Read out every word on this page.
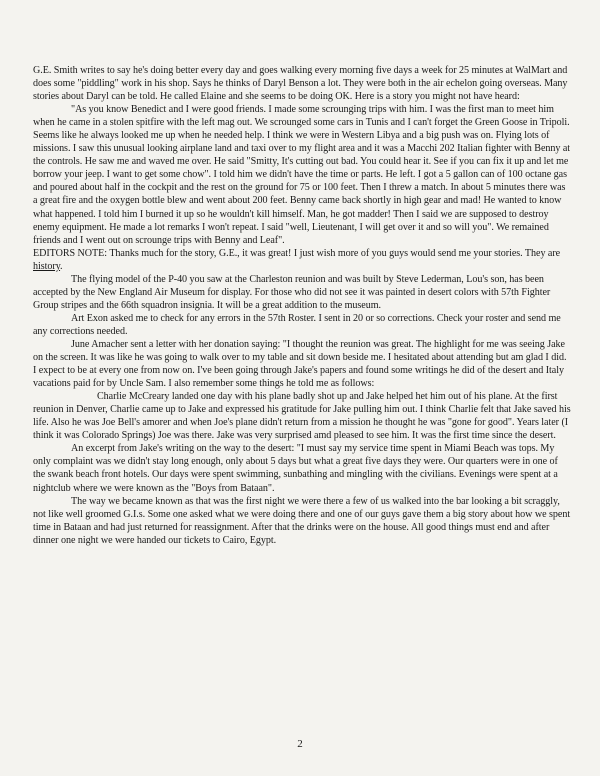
G.E. Smith writes to say he's doing better every day and goes walking every morning five days a week for 25 minutes at WalMart and does some "piddling" work in his shop. Says he thinks of Daryl Benson a lot. They were both in the air echelon going overseas. Many stories about Daryl can be told. He called Elaine and she seems to be doing OK. Here is a story you might not have heard:

"As you know Benedict and I were good friends. I made some scrounging trips with him. I was the first man to meet him when he came in a stolen spitfire with the left mag out. We scrounged some cars in Tunis and I can't forget the Green Goose in Tripoli. Seems like he always looked me up when he needed help. I think we were in Western Libya and a big push was on. Flying lots of missions. I saw this unusual looking airplane land and taxi over to my flight area and it was a Macchi 202 Italian fighter with Benny at the controls. He saw me and waved me over. He said "Smitty, It's cutting out bad. You could hear it. See if you can fix it up and let me borrow your jeep. I want to get some chow". I told him we didn't have the time or parts. He left. I got a 5 gallon can of 100 octane gas and poured about half in the cockpit and the rest on the ground for 75 or 100 feet. Then I threw a match. In about 5 minutes there was a great fire and the oxygen bottle blew and went about 200 feet. Benny came back shortly in high gear and mad! He wanted to know what happened. I told him I burned it up so he wouldn't kill himself. Man, he got madder! Then I said we are supposed to destroy enemy equipment. He made a lot remarks I won't repeat. I said "well, Lieutenant, I will get over it and so will you". We remained friends and I went out on scrounge trips with Benny and Leaf".

EDITORS NOTE: Thanks much for the story, G.E., it was great! I just wish more of you guys would send me your stories. They are history.

The flying model of the P-40 you saw at the Charleston reunion and was built by Steve Lederman, Lou's son, has been accepted by the New England Air Museum for display. For those who did not see it was painted in desert colors with 57th Fighter Group stripes and the 66th squadron insignia. It will be a great addition to the museum.

Art Exon asked me to check for any errors in the 57th Roster. I sent in 20 or so corrections. Check your roster and send me any corrections needed.

June Amacher sent a letter with her donation saying: "I thought the reunion was great. The highlight for me was seeing Jake on the screen. It was like he was going to walk over to my table and sit down beside me. I hesitated about attending but am glad I did. I expect to be at every one from now on. I've been going through Jake's papers and found some writings he did of the desert and Italy vacations paid for by Uncle Sam. I also remember some things he told me as follows:

Charlie McCreary landed one day with his plane badly shot up and Jake helped het him out of his plane. At the first reunion in Denver, Charlie came up to Jake and expressed his gratitude for Jake pulling him out. I think Charlie felt that Jake saved his life. Also he was Joe Bell's amorer and when Joe's plane didn't return from a mission he thought he was "gone for good". Years later (I think it was Colorado Springs) Joe was there. Jake was very surprised amd pleased to see him. It was the first time since the desert.

An excerpt from Jake's writing on the way to the desert: "I must say my service time spent in Miami Beach was tops. My only complaint was we didn't stay long enough, only about 5 days but what a great five days they were. Our quarters were in one of the swank beach front hotels. Our days were spent swimming, sunbathing and mingling with the civilians. Evenings were spent at a nightclub where we were known as the "Boys from Bataan".

The way we became known as that was the first night we were there a few of us walked into the bar looking a bit scraggly, not like well groomed G.I.s. Some one asked what we were doing there and one of our guys gave them a big story about how we spent time in Bataan and had just returned for reassignment. After that the drinks were on the house. All good things must end and after dinner one night we were handed our tickets to Cairo, Egypt.

2
